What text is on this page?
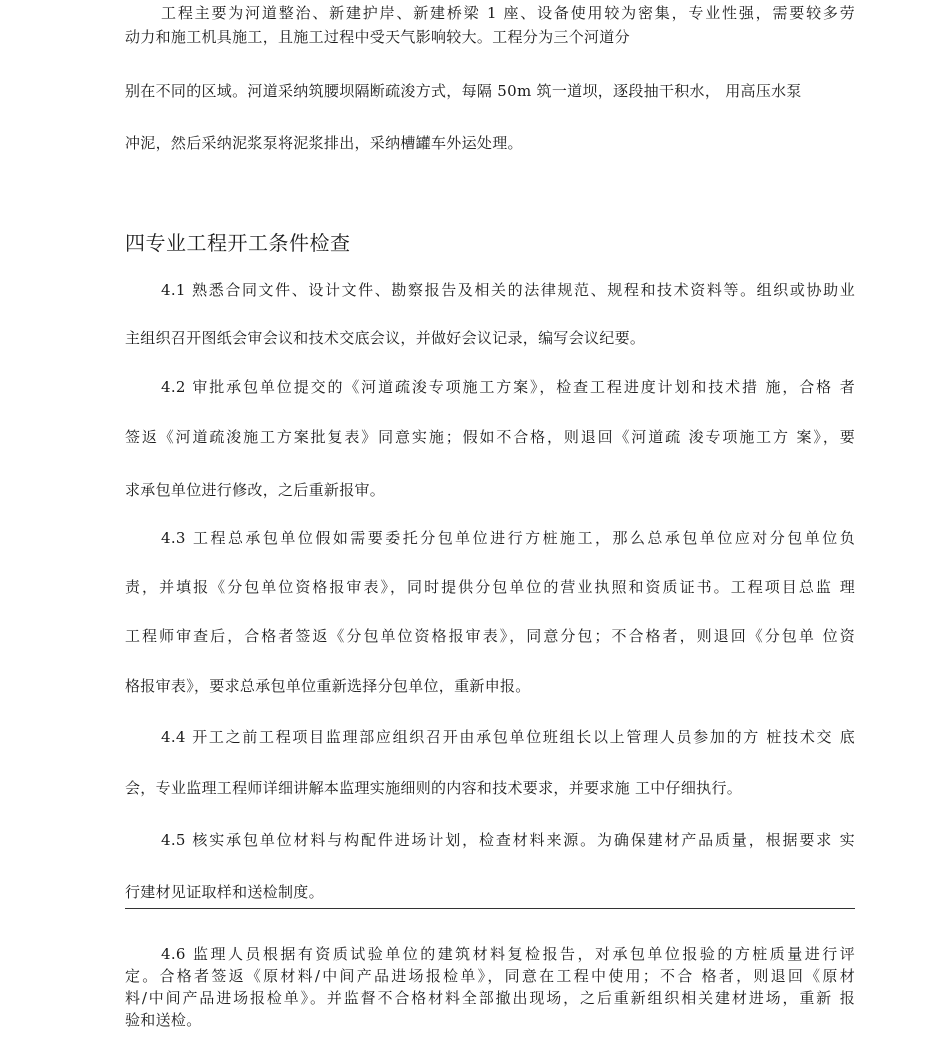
工程主要为河道整治、新建护岸、新建桥梁 1 座、设备使用较为密集，专业性强，需要较多劳
动力和施工机具施工，且施工过程中受天气影响较大。工程分为三个河道分
别在不同的区域。河道采纳筑腰坝隔断疏浚方式，每隔 50m 筑一道坝，逐段抽干积水， 用高压水泵
冲泥，然后采纳泥浆泵将泥浆排出，采纳槽罐车外运处理。
四专业工程开工条件检查
4.1 熟悉合同文件、设计文件、勘察报告及相关的法律规范、规程和技术资料等。组织或协助业
主组织召开图纸会审会议和技术交底会议，并做好会议记录，编写会议纪要。
4.2 审批承包单位提交的《河道疏浚专项施工方案》，检查工程进度计划和技术措 施，合格 者
签返《河道疏浚施工方案批复表》同意实施；假如不合格，则退回《河道疏 浚专项施工方 案》，要
求承包单位进行修改，之后重新报审。
4.3 工程总承包单位假如需要委托分包单位进行方桩施工，那么总承包单位应对分包单位负
责，并填报《分包单位资格报审表》，同时提供分包单位的营业执照和资质证书。工程项目总监 理
工程师审查后，合格者签返《分包单位资格报审表》，同意分包；不合格者，则退回《分包单 位资
格报审表》，要求总承包单位重新选择分包单位，重新申报。
4.4 开工之前工程项目监理部应组织召开由承包单位班组长以上管理人员参加的方 桩技术交 底
会，专业监理工程师详细讲解本监理实施细则的内容和技术要求，并要求施 工中仔细执行。
4.5 核实承包单位材料与构配件进场计划，检查材料来源。为确保建材产品质量，根据要求 实
行建材见证取样和送检制度。
4.6 监理人员根据有资质试验单位的建筑材料复检报告，对承包单位报验的方桩质量进行评
定。合格者签返《原材料/中间产品进场报检单》，同意在工程中使用；不合 格者，则退回《原材
料/中间产品进场报检单》。并监督不合格材料全部撤出现场，之后重新组织相关建材进场，重新 报
验和送检。
